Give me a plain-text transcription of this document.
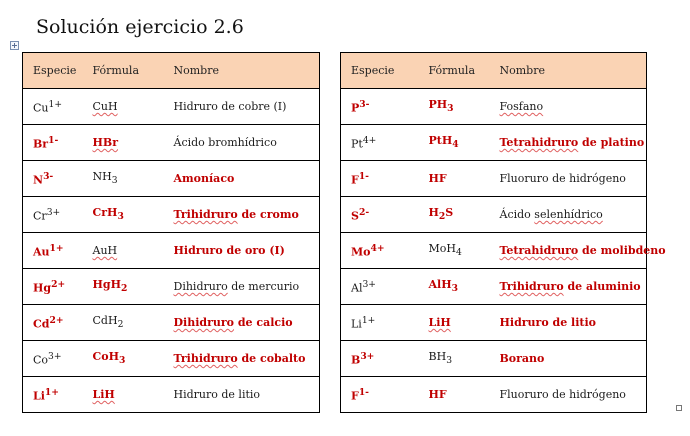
Solución ejercicio 2.6
Especie	Fórmula	Nombre
$Cu^{1+}$	CuH	Hidruro de cobre (I)
$Br^{1-}$	HBr	Ácido bromhídrico
$N^{3-}$	$NH_3$	Amoníaco
$Cr^{3+}$	CrH$_3$	Trihidruro de cromo
$Au^{1+}$	AuH	Hidruro de oro (I)
$Hg^{2+}$	HgH$_2$	Dihidruro de mercurio
$Cd^{2+}$	CdH$_2$	Dihidruro de calcio
$Co^{3+}$	CoH$_3$	Trihidruro de cobalto
$Li^{1+}$	LiH	Hidruro de litio
Especie	Fórmula	Nombre
$P^{3-}$	$PH_3$	Fosfano
$Pt^{4+}$	PtH$_4$	Tetrahidruro de platino
$F^{1-}$	HF	Fluoruro de hidrógeno
$S^{2-}$	$H_2S$	Ácido selenhídrico
$Mo^{4+}$	MoH$_4$	Tetrahidruro de molibdeno
$Al^{3+}$	AlH$_3$	Trihidruro de aluminio
$Li^{1+}$	LiH	Hidruro de litio
$B^{3+}$	$BH_3$	Borano
$F^{1-}$	HF	Fluoruro de hidrógeno
